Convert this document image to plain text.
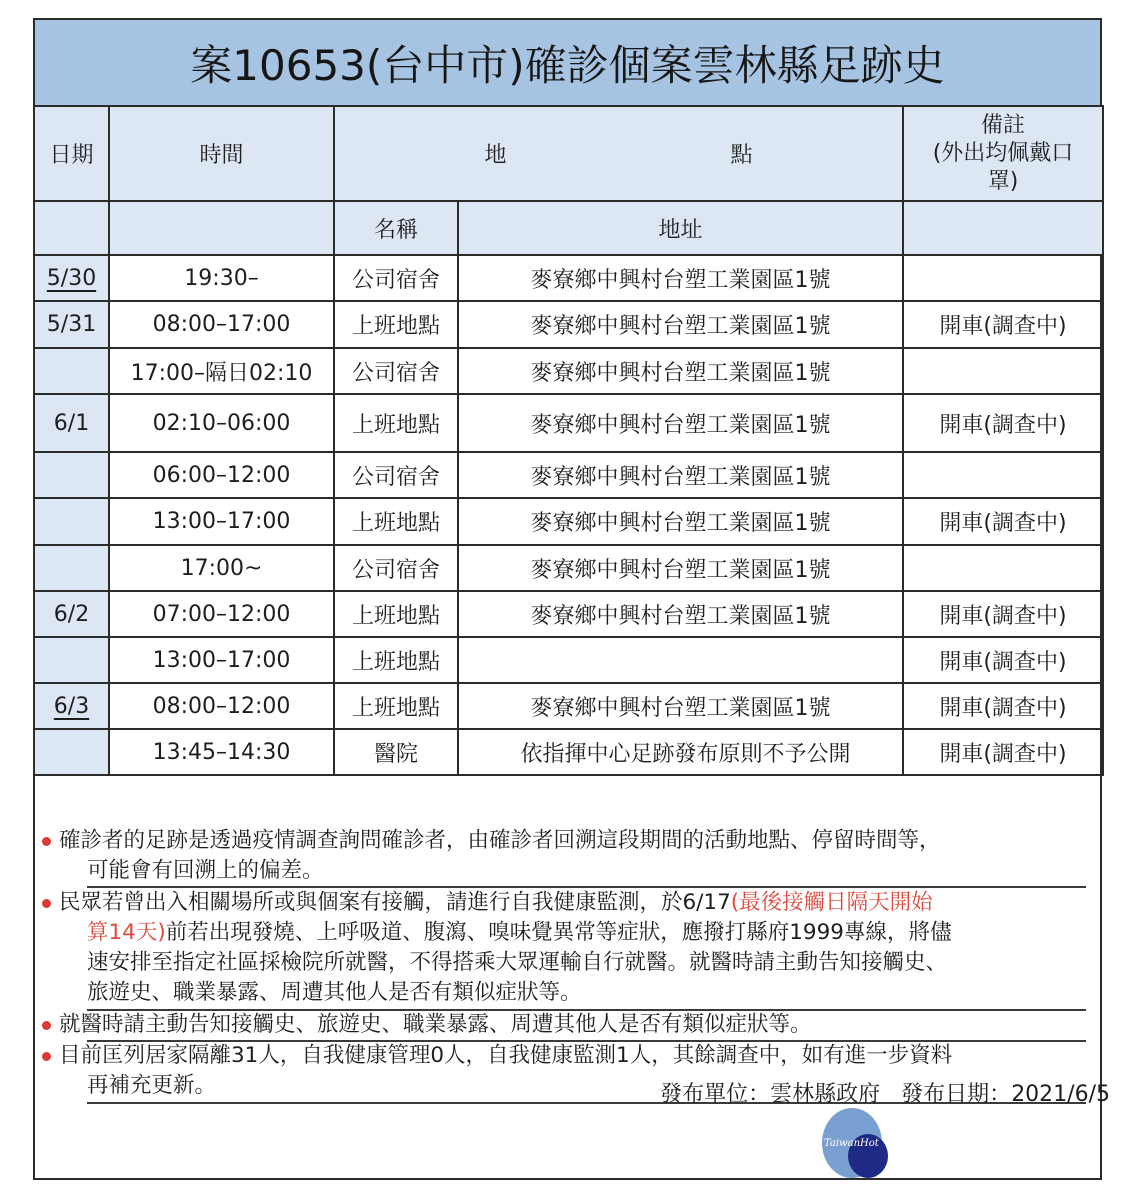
案10653(台中市)確診個案雲林縣足跡史
日期	時間	地　　點		備註
(外出均佩戴口
罩)

		名稱	地址	
5/30	19:30–	公司宿舍	麥寮鄉中興村台塑工業園區1號	
5/31	08:00–17:00	上班地點	麥寮鄉中興村台塑工業園區1號	開車(調查中)
	17:00–隔日02:10	公司宿舍	麥寮鄉中興村台塑工業園區1號	
6/1	02:10–06:00	上班地點	麥寮鄉中興村台塑工業園區1號	開車(調查中)
	06:00–12:00	公司宿舍	麥寮鄉中興村台塑工業園區1號	
	13:00–17:00	上班地點	麥寮鄉中興村台塑工業園區1號	開車(調查中)
	17:00~	公司宿舍	麥寮鄉中興村台塑工業園區1號	
6/2	07:00–12:00	上班地點	麥寮鄉中興村台塑工業園區1號	開車(調查中)
	13:00–17:00	上班地點		開車(調查中)
6/3	08:00–12:00	上班地點	麥寮鄉中興村台塑工業園區1號	開車(調查中)
	13:45–14:30	醫院	依指揮中心足跡發布原則不予公開	開車(調查中)
確診者的足跡是透過疫情調查詢問確診者，由確診者回溯這段期間的活動地點、停留時間等，
可能會有回溯上的偏差。
民眾若曾出入相關場所或與個案有接觸，請進行自我健康監測，於6/17(最後接觸日隔天開始
算14天)前若出現發燒、上呼吸道、腹瀉、嗅味覺異常等症狀，應撥打縣府1999專線，將儘
速安排至指定社區採檢院所就醫，不得搭乘大眾運輸自行就醫。就醫時請主動告知接觸史、
旅遊史、職業暴露、周遭其他人是否有類似症狀等。
就醫時請主動告知接觸史、旅遊史、職業暴露、周遭其他人是否有類似症狀等。
目前匡列居家隔離31人，自我健康管理0人，自我健康監測1人，其餘調查中，如有進一步資料
再補充更新。	發布單位：雲林縣政府 發布日期：2021/6/5
TaiwanHot
